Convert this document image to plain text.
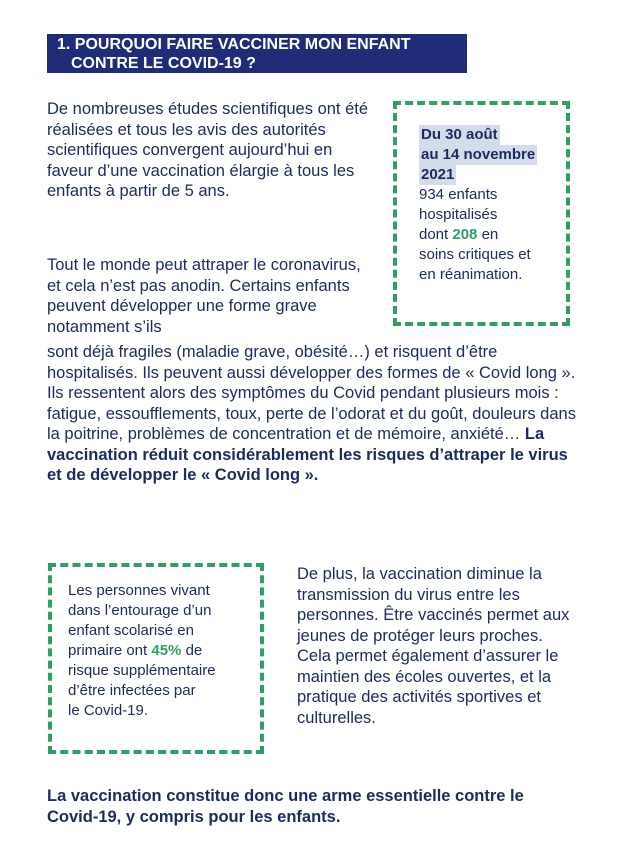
1. POURQUOI FAIRE VACCINER MON ENFANT
CONTRE LE COVID-19 ?

De nombreuses études scientifiques ont été réalisées et tous les avis des autorités scientifiques convergent aujourd’hui en faveur d’une vaccination élargie à tous les enfants à partir de 5 ans.

Tout le monde peut attraper le coronavirus, et cela n’est pas anodin. Certains enfants peuvent développer une forme grave notamment s’ils

sont déjà fragiles (maladie grave, obésité…) et risquent d’être hospitalisés. Ils peuvent aussi développer des formes de « Covid long ». Ils ressentent alors des symptômes du Covid pendant plusieurs mois : fatigue, essoufflements, toux, perte de l’odorat et du goût, douleurs dans la poitrine, problèmes de concentration et de mémoire, anxiété… La vaccination réduit considérablement les risques d’attraper le virus et de développer le « Covid long ».

Du 30 août
au 14 novembre
2021
934 enfants
hospitalisés
dont 208 en
soins critiques et
en réanimation.
Les personnes vivant
dans l’entourage d’un
enfant scolarisé en
primaire ont 45% de
risque supplémentaire
d’être infectées par
le Covid-19.

De plus, la vaccination diminue la transmission du virus entre les personnes. Être vaccinés permet aux jeunes de protéger leurs proches. Cela permet également d’assurer le maintien des écoles ouvertes, et la pratique des activités sportives et culturelles.

La vaccination constitue donc une arme essentielle contre le Covid-19, y compris pour les enfants.
